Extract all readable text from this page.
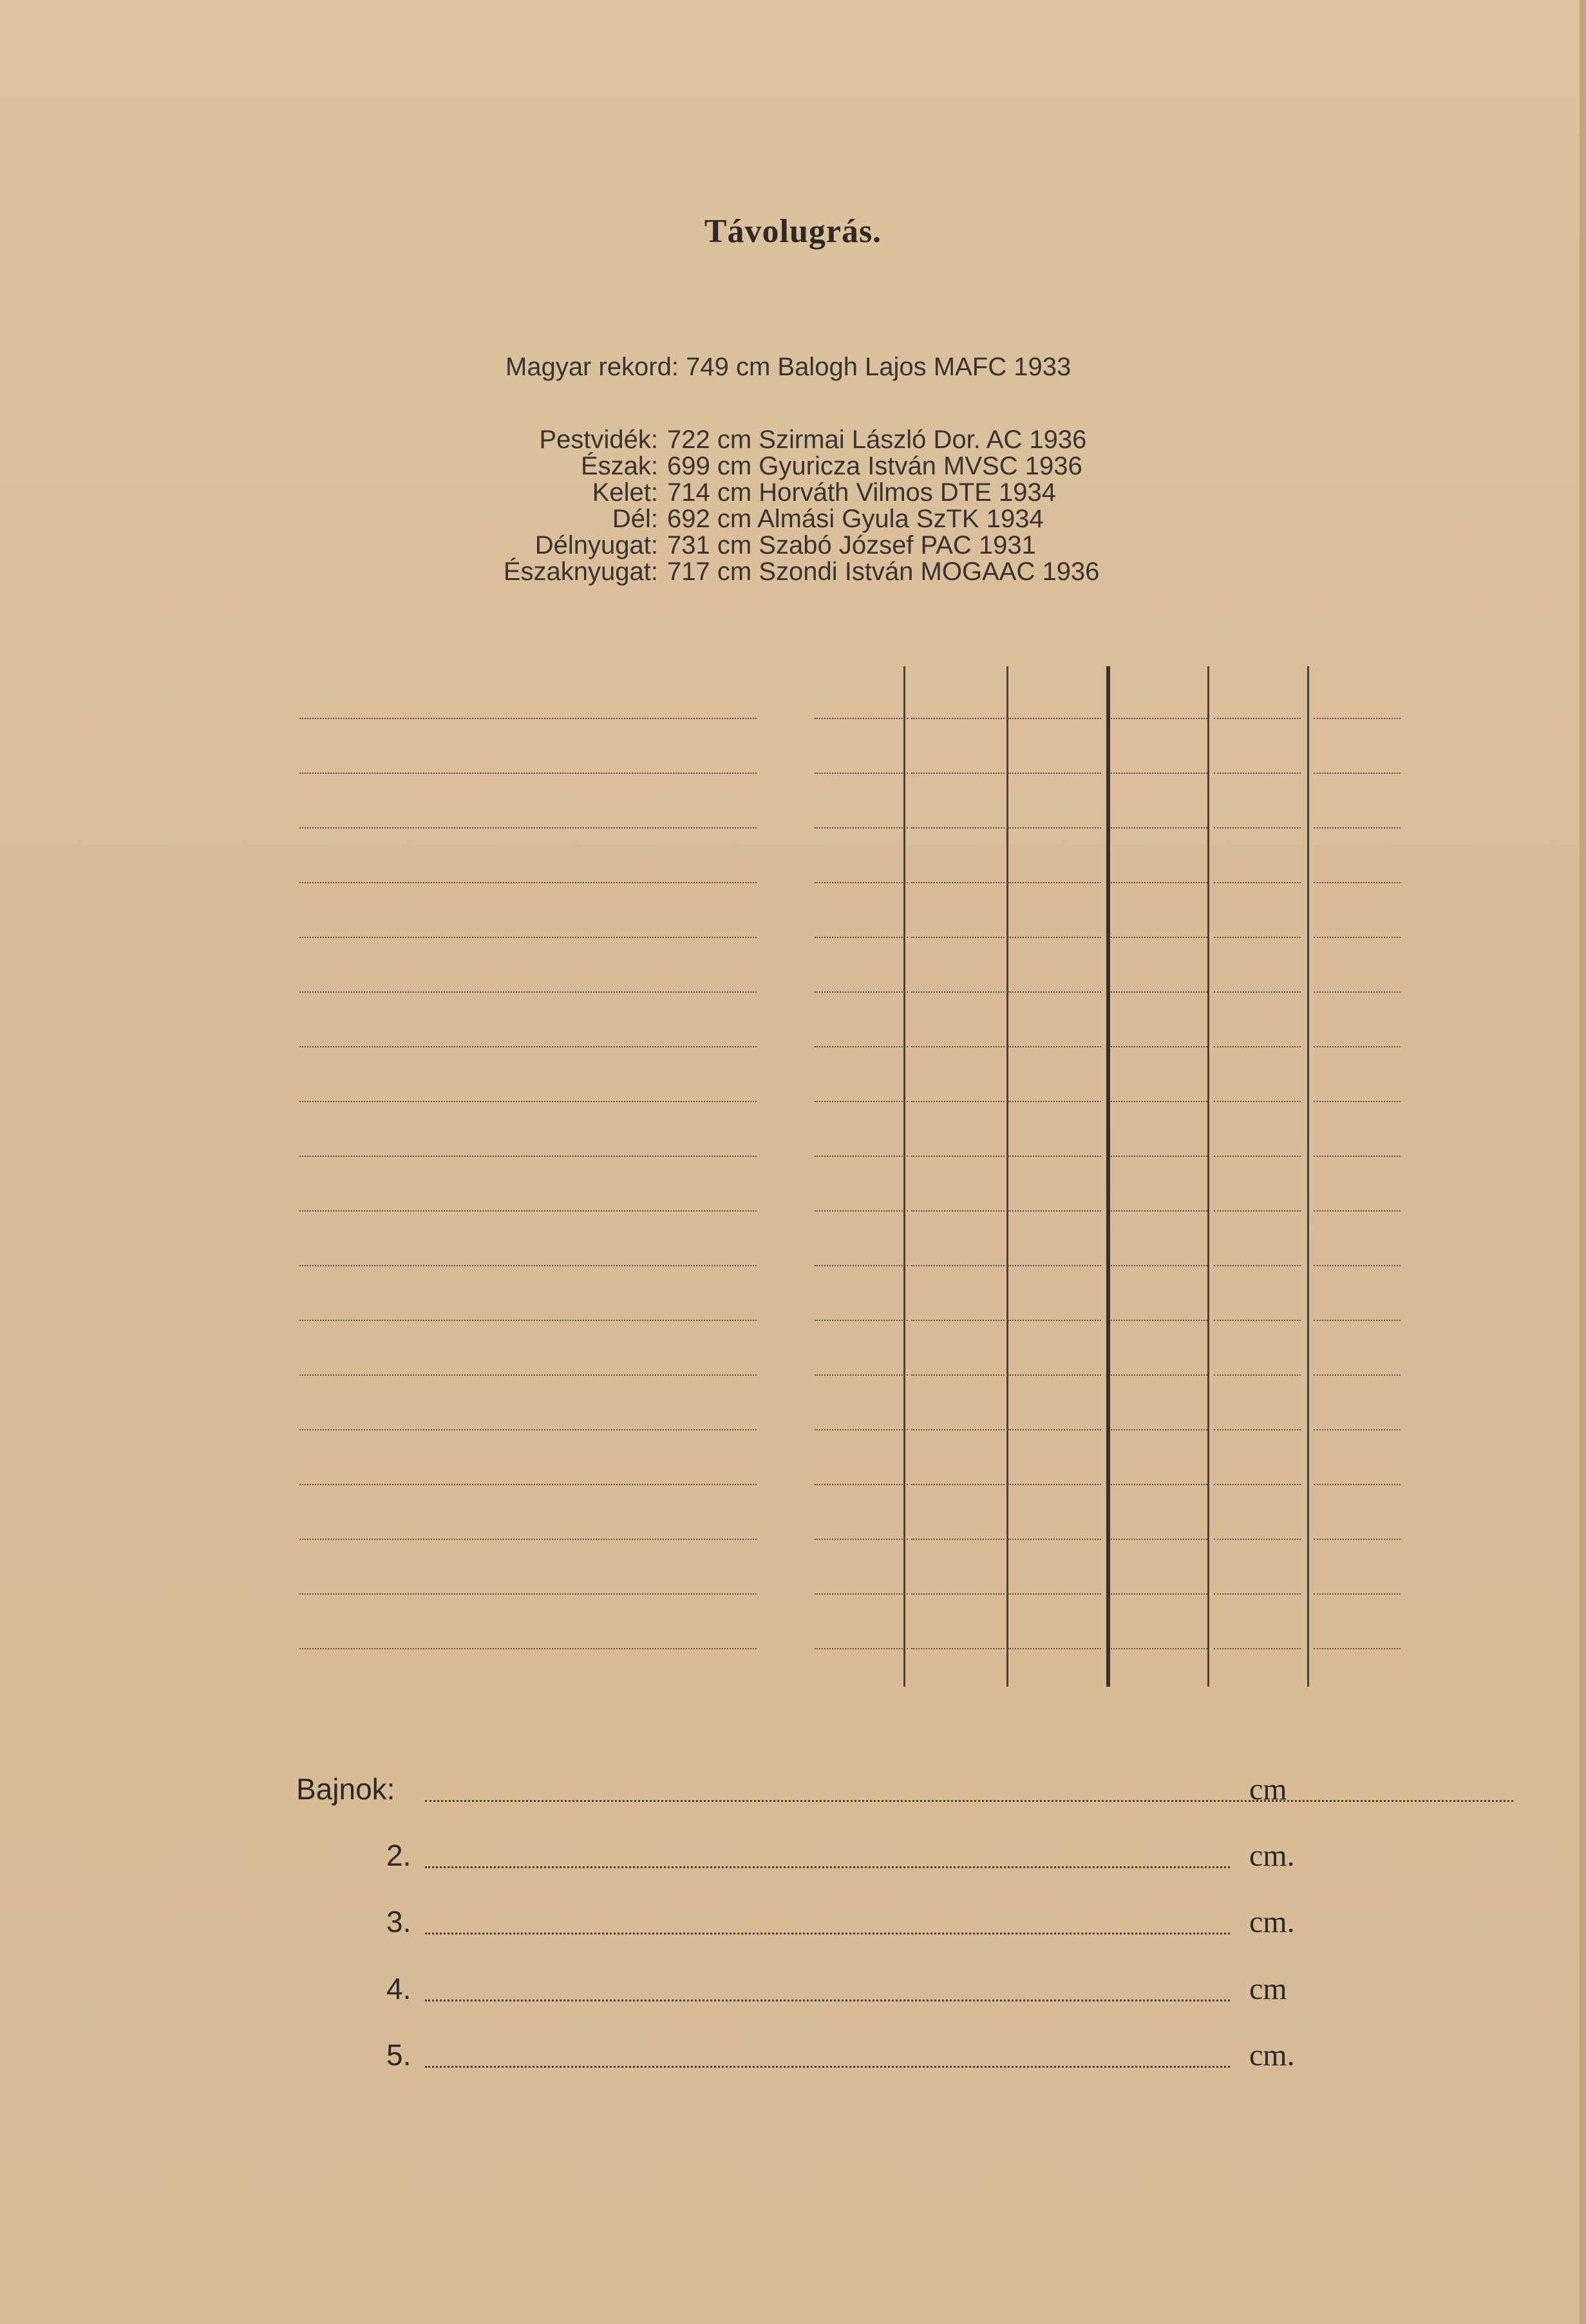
Távolugrás.
Magyar rekord: 749 cm Balogh Lajos MAFC 1933
Pestvidék: 722 cm Szirmai László Dor. AC 1936
Észak: 699 cm Gyuricza István MVSC 1936
Kelet: 714 cm Horváth Vilmos DTE 1934
Dél: 692 cm Almási Gyula SzTK 1934
Délnyugat: 731 cm Szabó József PAC 1931
Északnyugat: 717 cm Szondi István MOGAAC 1936
Bajnok:	cm
2.	cm.
3.	cm.
4.	cm
5.	cm.
